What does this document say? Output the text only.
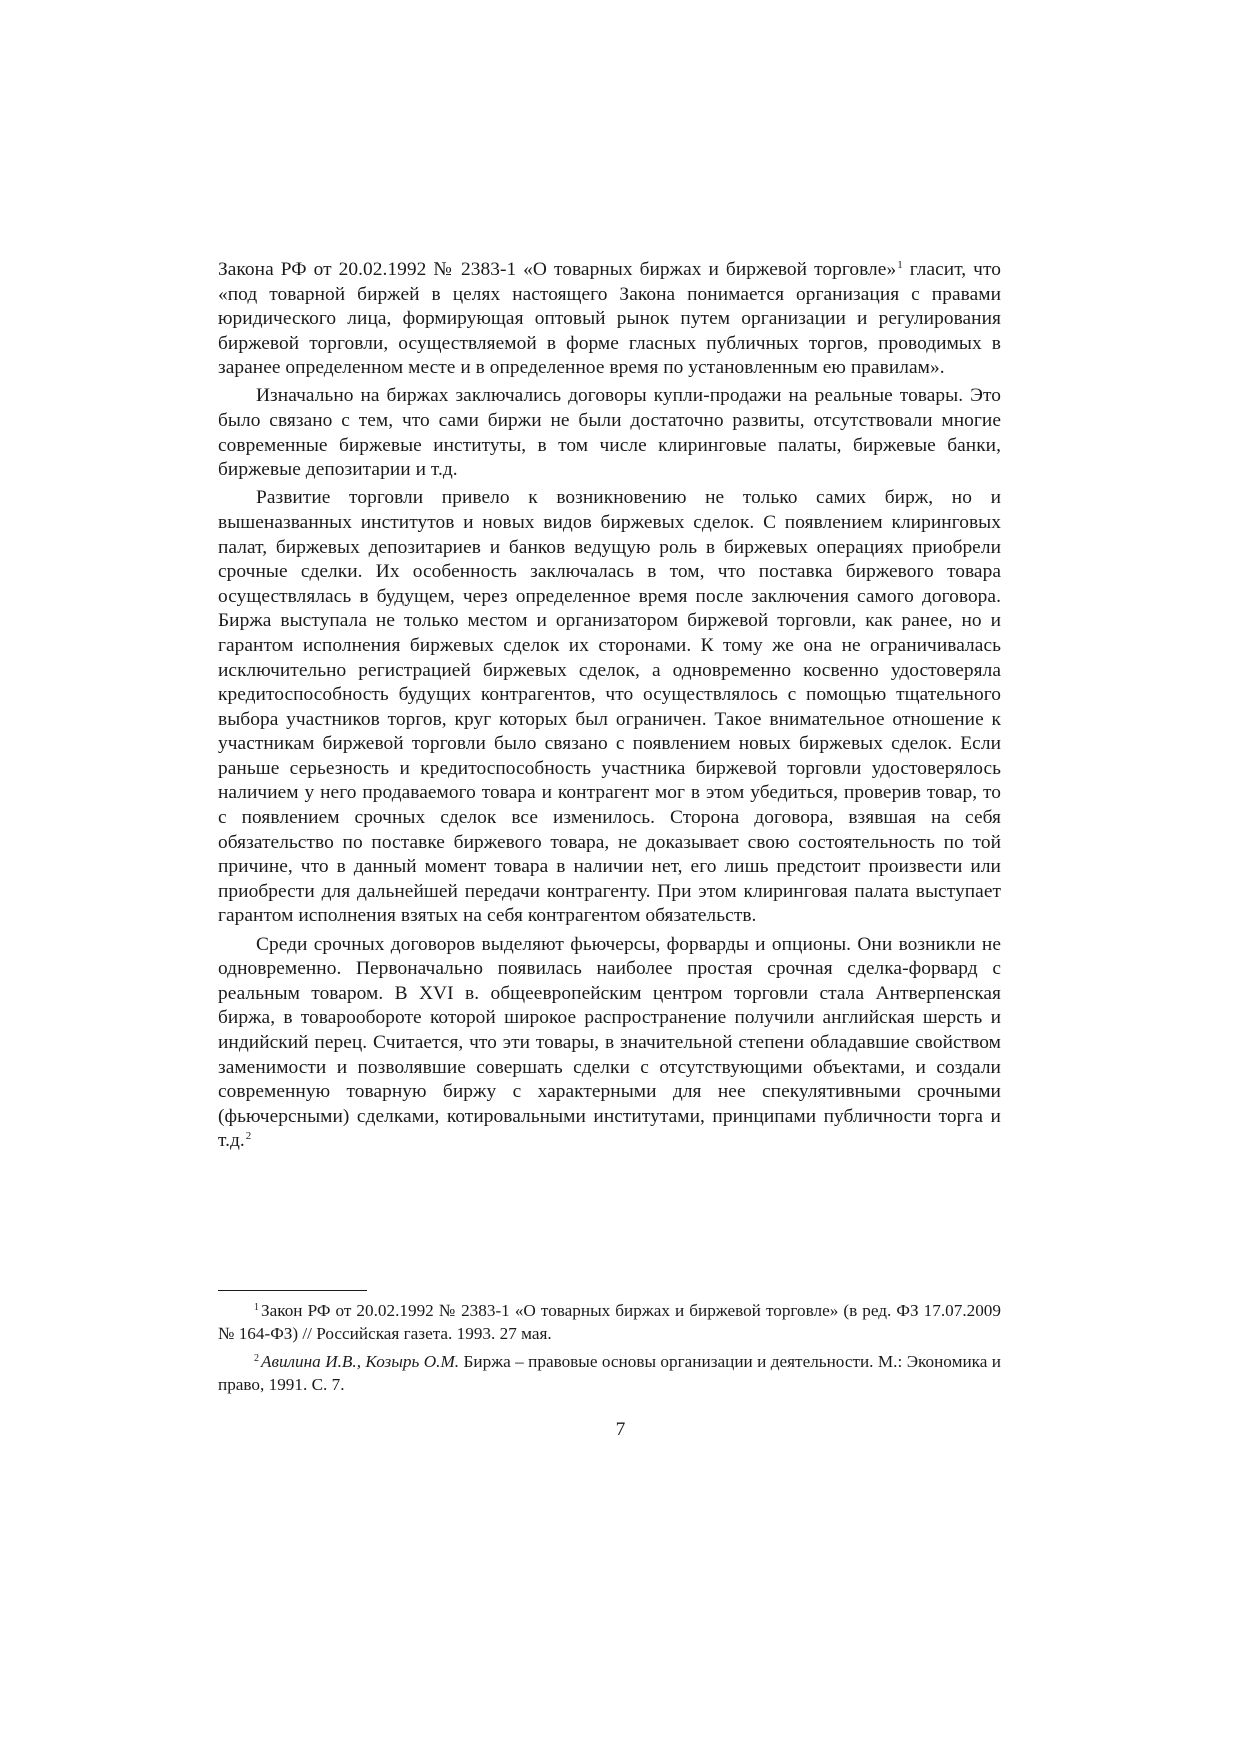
Закона РФ от 20.02.1992 № 2383-1 «О товарных биржах и биржевой торговле»$^1$ гласит, что «под товарной биржей в целях настоящего Закона понимается организация с правами юридического лица, формирующая оптовый рынок путем организации и регулирования биржевой торговли, осуществляемой в форме гласных публичных торгов, проводимых в заранее определенном месте и в определенное время по установленным ею правилам».

Изначально на биржах заключались договоры купли-продажи на реальные товары. Это было связано с тем, что сами биржи не были достаточно развиты, отсутствовали многие современные биржевые институты, в том числе клиринговые палаты, биржевые банки, биржевые депозитарии и т.д.

Развитие торговли привело к возникновению не только самих бирж, но и вышеназванных институтов и новых видов биржевых сделок. С появлением клиринговых палат, биржевых депозитариев и банков ведущую роль в биржевых операциях приобрели срочные сделки. Их особенность заключалась в том, что поставка биржевого товара осуществлялась в будущем, через определенное время после заключения самого договора. Биржа выступала не только местом и организатором биржевой торговли, как ранее, но и гарантом исполнения биржевых сделок их сторонами. К тому же она не ограничивалась исключительно регистрацией биржевых сделок, а одновременно косвенно удостоверяла кредитоспособность будущих контрагентов, что осуществлялось с помощью тщательного выбора участников торгов, круг которых был ограничен. Такое внимательное отношение к участникам биржевой торговли было связано с появлением новых биржевых сделок. Если раньше серьезность и кредитоспособность участника биржевой торговли удостоверялось наличием у него продаваемого товара и контрагент мог в этом убедиться, проверив товар, то с появлением срочных сделок все изменилось. Сторона договора, взявшая на себя обязательство по поставке биржевого товара, не доказывает свою состоятельность по той причине, что в данный момент товара в наличии нет, его лишь предстоит произвести или приобрести для дальнейшей передачи контрагенту. При этом клиринговая палата выступает гарантом исполнения взятых на себя контрагентом обязательств.

Среди срочных договоров выделяют фьючерсы, форварды и опционы. Они возникли не одновременно. Первоначально появилась наиболее простая срочная сделка-форвард с реальным товаром. В XVI в. общеевропейским центром торговли стала Антверпенская биржа, в товарообороте которой широкое распространение получили английская шерсть и индийский перец. Считается, что эти товары, в значительной степени обладавшие свойством заменимости и позволявшие совершать сделки с отсутствующими объектами, и создали современную товарную биржу с характерными для нее спекулятивными срочными (фьючерсными) сделками, котировальными институтами, принципами публичности торга и т.д.$^2$

$^1$ Закон РФ от 20.02.1992 № 2383-1 «О товарных биржах и биржевой торговле» (в ред. ФЗ 17.07.2009 № 164-ФЗ) // Российская газета. 1993. 27 мая.

$^2$ Авилина И.В., Козырь О.М. Биржа – правовые основы организации и деятельности. М.: Экономика и право, 1991. С. 7.

7
